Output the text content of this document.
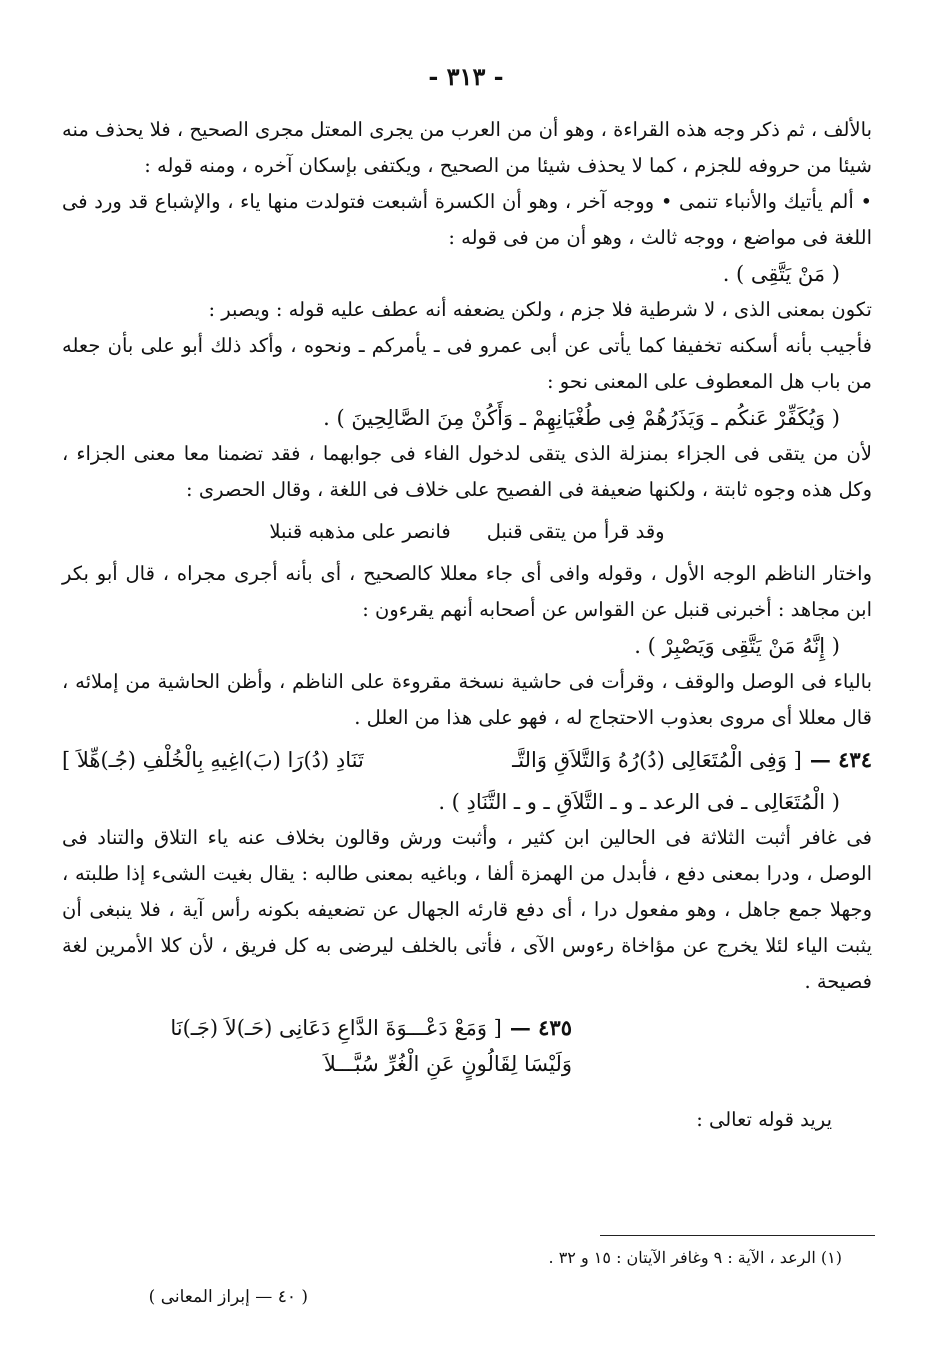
- ٣١٣ -

بالألف ، ثم ذكر وجه هذه القراءة ، وهو أن من العرب من يجرى المعتل مجرى الصحيح ، فلا يحذف منه شيئا من حروفه للجزم ، كما لا يحذف شيئا من الصحيح ، ويكتفى بإسكان آخره ، ومنه قوله :

• ألم يأتيك والأنباء تنمى • ووجه آخر ، وهو أن الكسرة أشبعت فتولدت منها ياء ، والإشباع قد ورد فى اللغة فى مواضع ، ووجه ثالث ، وهو أن من فى قوله :

( مَنْ يَتَّقِى ) .

تكون بمعنى الذى ، لا شرطية فلا جزم ، ولكن يضعفه أنه عطف عليه قوله : ويصبر :

فأجيب بأنه أسكنه تخفيفا كما يأتى عن أبى عمرو فى ـ يأمركم ـ ونحوه ، وأكد ذلك أبو على بأن جعله من باب هل المعطوف على المعنى نحو :

( وَيُكَفِّرْ عَنكُم ـ وَيَذَرُهُمْ فِى طُغْيَانِهِمْ ـ وَأَكُنْ مِنَ الصَّالِحِينَ ) .

لأن من يتقى فى الجزاء بمنزلة الذى يتقى لدخول الفاء فى جوابهما ، فقد تضمنا معا معنى الجزاء ، وكل هذه وجوه ثابتة ، ولكنها ضعيفة فى الفصيح على خلاف فى اللغة ، وقال الحصرى :

وقد قرأ من يتقى قنبل
فانصر على مذهبه قنبلا

واختار الناظم الوجه الأول ، وقوله وافى أى جاء معللا كالصحيح ، أى بأنه أجرى مجراه ، قال أبو بكر ابن مجاهد : أخبرنى قنبل عن القواس عن أصحابه أنهم يقرءون :

( إِنَّهُ مَنْ يَتَّقِى وَيَصْبِرْ ) .

بالياء فى الوصل والوقف ، وقرأت فى حاشية نسخة مقروءة على الناظم ، وأظن الحاشية من إملائه ، قال معللا أى مروى بعذوب الاحتجاج له ، فهو على هذا من العلل .

٤٣٤ —
[ وَفِى الْمُتَعَالِى (دُ)رُهُ وَالتَّلاَقِ وَالتَّـ
تَنَادِ (دُ)رَا (بَ)اغِيهِ بِالْخُلْفِ (جُـ)هِّلاَ ]

( الْمُتَعَالِى ـ فى الرعد ـ و ـ التَّلاَقِ ـ و ـ التَّنَادِ ) .

فى غافر أثبت الثلاثة فى الحالين ابن كثير ، وأثبت ورش وقالون بخلاف عنه ياء التلاق والتناد فى الوصل ، ودرا بمعنى دفع ، فأبدل من الهمزة ألفا ، وباغيه بمعنى طالبه : يقال بغيت الشىء إذا طلبته ، وجهلا جمع جاهل ، وهو مفعول درا ، أى دفع قارئه الجهال عن تضعيفه بكونه رأس آية ، فلا ينبغى أن يثبت الياء لئلا يخرج عن مؤاخاة رءوس الآى ، فأتى بالخلف ليرضى به كل فريق ، لأن كلا الأمرين لغة فصيحة .

٤٣٥ —
[ وَمَعْ دَعْـــوَةَ الدَّاعِ دَعَانِى (حَـ)لاَ (جَـ)نَا
وَلَيْسَا لِقَالُونٍ عَنِ الْغُرِّ سُبَّـــلاَ

يريد قوله تعالى :

(١) الرعد ، الآية : ٩ وغافر الآيتان : ١٥ و ٣٢ .
( ٤٠ — إبراز المعانى )
